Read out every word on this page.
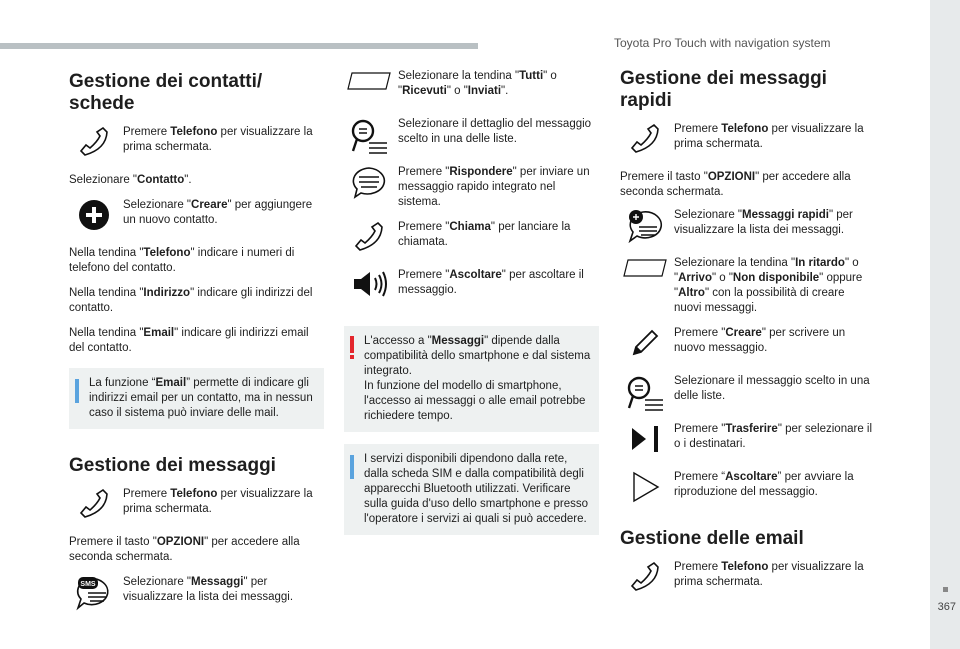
Toyota Pro Touch with navigation system
367
Gestione dei contatti/ schede
Premere Telefono per visualizzare la prima schermata.

Selezionare "Contatto".

Selezionare "Creare" per aggiungere un nuovo contatto.

Nella tendina "Telefono" indicare i numeri di telefono del contatto.

Nella tendina "Indirizzo" indicare gli indirizzi del contatto.

Nella tendina "Email" indicare gli indirizzi email del contatto.

La funzione “Email” permette di indicare gli indirizzi email per un contatto, ma in nessun caso il sistema può inviare delle mail.
Gestione dei messaggi
Premere Telefono per visualizzare la prima schermata.

Premere il tasto "OPZIONI" per accedere alla seconda schermata.

SMS	Selezionare "Messaggi" per visualizzare la lista dei messaggi.
Selezionare la tendina "Tutti" o "Ricevuti" o "Inviati".
Selezionare il dettaglio del messaggio scelto in una delle liste.
Premere "Rispondere" per inviare un messaggio rapido integrato nel sistema.
Premere "Chiama" per lanciare la chiamata.
Premere "Ascoltare" per ascoltare il messaggio.
L'accesso a "Messaggi" dipende dalla compatibilità dello smartphone e dal sistema integrato.
In funzione del modello di smartphone, l'accesso ai messaggi o alle email potrebbe richiedere tempo.
I servizi disponibili dipendono dalla rete, dalla scheda SIM e dalla compatibilità degli apparecchi Bluetooth utilizzati. Verificare sulla guida d'uso dello smartphone e presso l'operatore i servizi ai quali si può accedere.
Gestione dei messaggi rapidi
Premere Telefono per visualizzare la prima schermata.

Premere il tasto "OPZIONI" per accedere alla seconda schermata.

Selezionare "Messaggi rapidi" per visualizzare la lista dei messaggi.
Selezionare la tendina "In ritardo" o "Arrivo" o "Non disponibile" oppure "Altro" con la possibilità di creare nuovi messaggi.
Premere "Creare" per scrivere un nuovo messaggio.
Selezionare il messaggio scelto in una delle liste.
Premere "Trasferire" per selezionare il o i destinatari.
Premere “Ascoltare” per avviare la riproduzione del messaggio.
Gestione delle email
Premere Telefono per visualizzare la prima schermata.
